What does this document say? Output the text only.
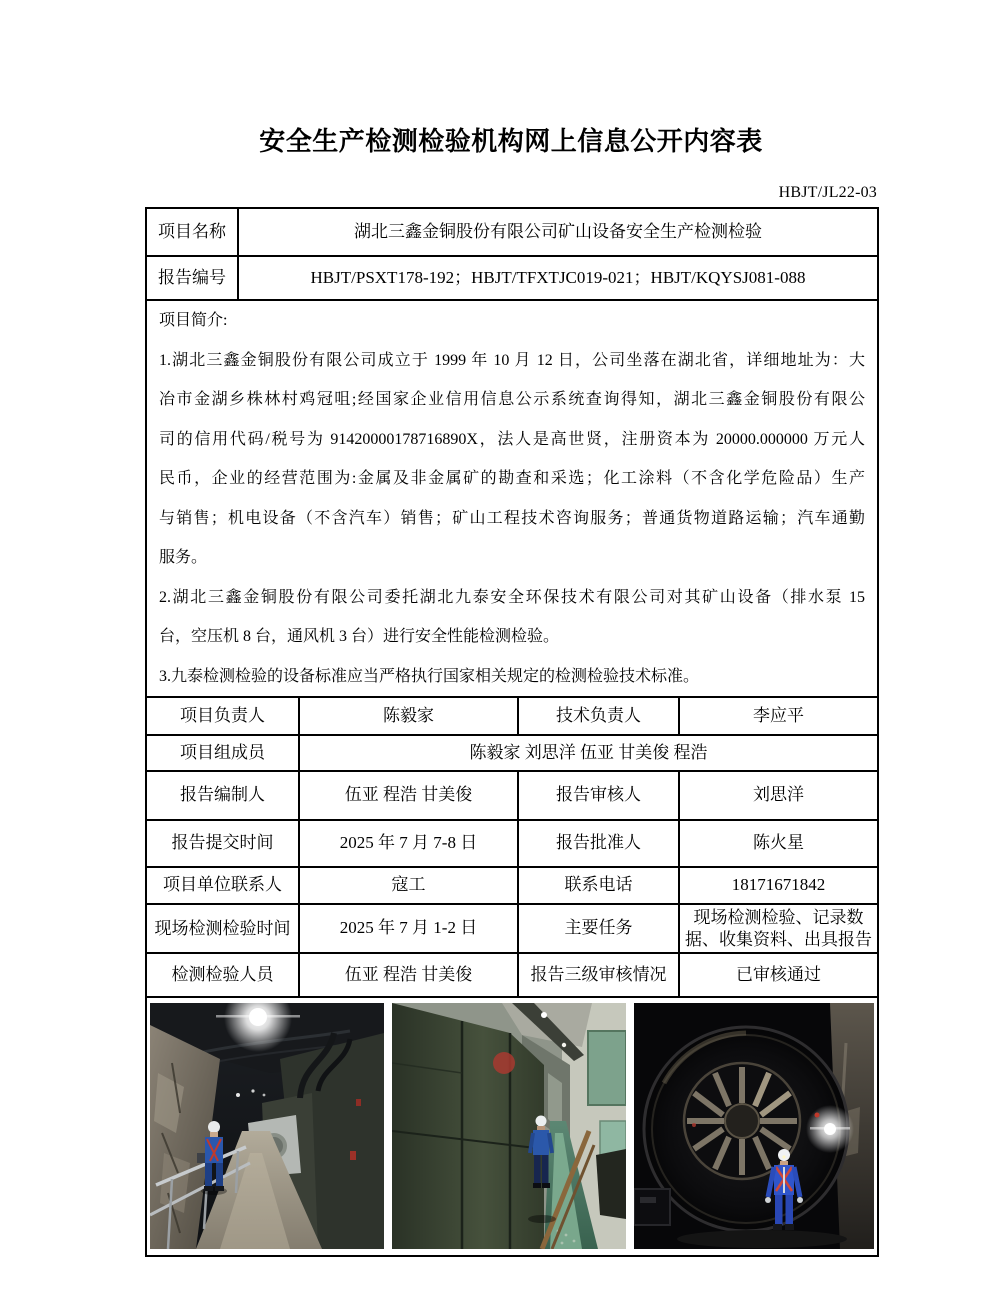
安全生产检测检验机构网上信息公开内容表
HBJT/JL22-03
项目名称	湖北三鑫金铜股份有限公司矿山设备安全生产检测检验
报告编号	HBJT/PSXT178-192；HBJT/TFXTJC019-021；HBJT/KQYSJ081-088

项目简介:
1.湖北三鑫金铜股份有限公司成立于 1999 年 10 月 12 日，公司坐落在湖北省，详细地址为：大
冶市金湖乡株林村鸡冠咀;经国家企业信用信息公示系统查询得知，湖北三鑫金铜股份有限公
司的信用代码/税号为 91420000178716890X，法人是高世贤，注册资本为 20000.000000 万元人
民币，企业的经营范围为:金属及非金属矿的勘查和采选；化工涂料（不含化学危险品）生产
与销售；机电设备（不含汽车）销售；矿山工程技术咨询服务；普通货物道路运输；汽车通勤
服务。
2.湖北三鑫金铜股份有限公司委托湖北九泰安全环保技术有限公司对其矿山设备（排水泵 15
台，空压机 8 台，通风机 3 台）进行安全性能检测检验。
3.九泰检测检验的设备标准应当严格执行国家相关规定的检测检验技术标准。
项目负责人	陈毅家	技术负责人	李应平
项目组成员	陈毅家 刘思洋 伍亚 甘美俊 程浩		
报告编制人	伍亚 程浩 甘美俊	报告审核人	刘思洋
报告提交时间	2025 年 7 月 7-8 日	报告批准人	陈火星
项目单位联系人	寇工	联系电话	18171671842
现场检测检验时间	2025 年 7 月 1-2 日	主要任务	现场检测检验、记录数据、收集资料、出具报告
检测检验人员	伍亚 程浩 甘美俊	报告三级审核情况	已审核通过
